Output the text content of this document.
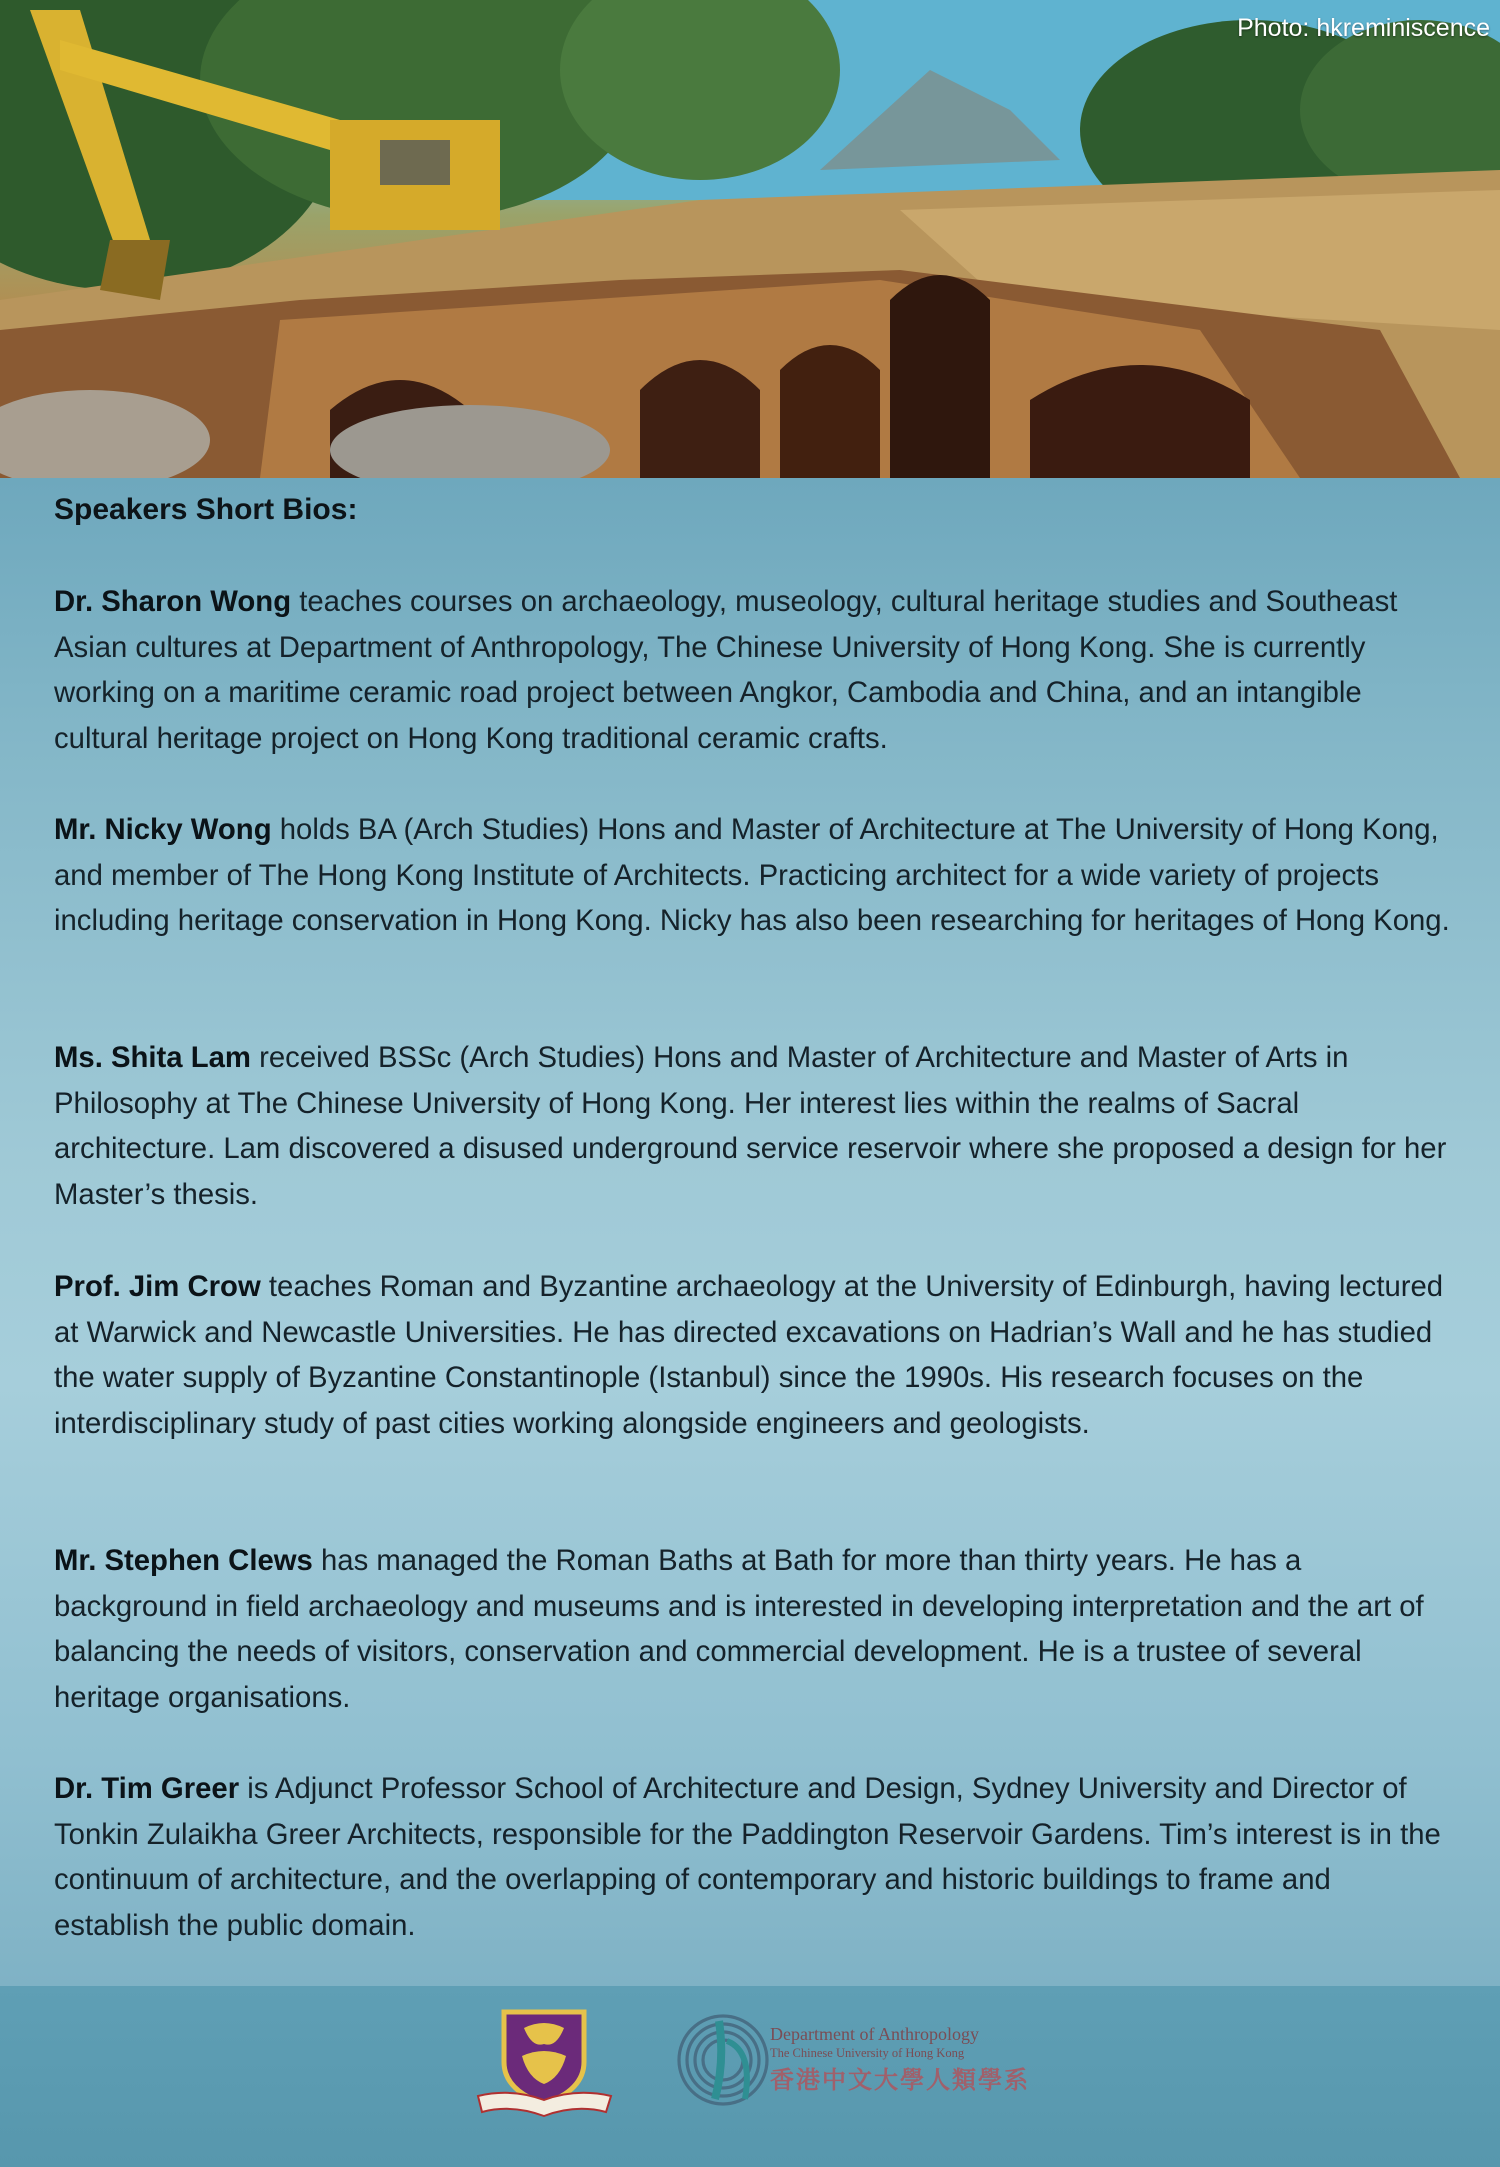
Photo: hkreminiscence
Speakers Short Bios:

Dr. Sharon Wong teaches courses on archaeology, museology, cultural heritage studies and Southeast Asian cultures at Department of Anthropology, The Chinese University of Hong Kong. She is currently working on a maritime ceramic road project between Angkor, Cambodia and China, and an intangible cultural heritage project on Hong Kong traditional ceramic crafts.

Mr. Nicky Wong holds BA (Arch Studies) Hons and Master of Architecture at The University of Hong Kong, and member of The Hong Kong Institute of Architects. Practicing architect for a wide variety of projects including heritage conservation in Hong Kong. Nicky has also been researching for heritages of Hong Kong.

Ms. Shita Lam received BSSc (Arch Studies) Hons and Master of Architecture and Master of Arts in Philosophy at The Chinese University of Hong Kong. Her interest lies within the realms of Sacral architecture. Lam discovered a disused underground service reservoir where she proposed a design for her Master’s thesis.

Prof. Jim Crow teaches Roman and Byzantine archaeology at the University of Edinburgh, having lectured at Warwick and Newcastle Universities. He has directed excavations on Hadrian’s Wall and he has studied the water supply of Byzantine Constantinople (Istanbul) since the 1990s. His research focuses on the interdisciplinary study of past cities working alongside engineers and geologists.

Mr. Stephen Clews has managed the Roman Baths at Bath for more than thirty years. He has a background in field archaeology and museums and is interested in developing interpretation and the art of balancing the needs of visitors, conservation and commercial development. He is a trustee of several heritage organisations.

Dr. Tim Greer is Adjunct Professor School of Architecture and Design, Sydney University and Director of Tonkin Zulaikha Greer Architects, responsible for the Paddington Reservoir Gardens. Tim’s interest is in the continuum of architecture, and the overlapping of contemporary and historic buildings to frame and establish the public domain.

Department of Anthropology
The Chinese University of Hong Kong
香港中文大學人類學系
